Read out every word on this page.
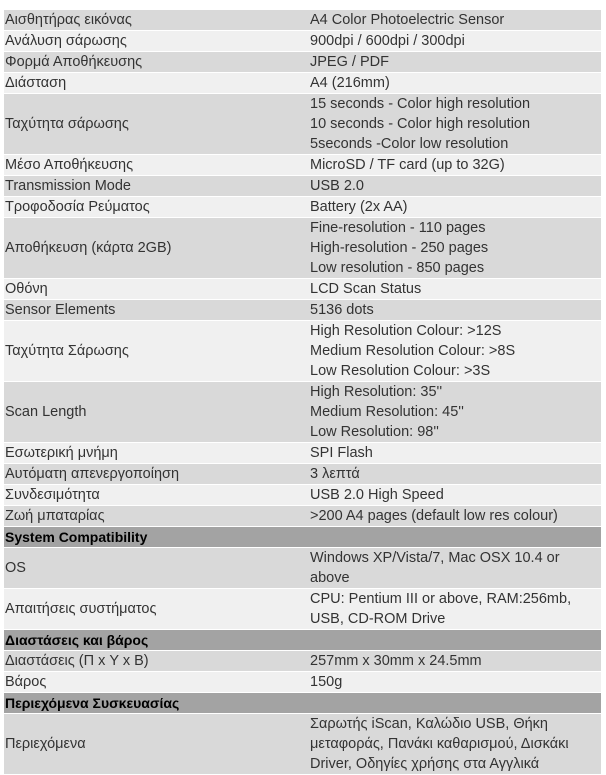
Αισθητήρας εικόνας	A4 Color Photoelectric Sensor

Ανάλυση σάρωσης	900dpi / 600dpi / 300dpi

Φορμά Αποθήκευσης	JPEG / PDF

Διάσταση	A4 (216mm)

Ταχύτητα σάρωσης	15 seconds - Color high resolution
10 seconds - Color high resolution
5seconds -Color low resolution

Μέσο Αποθήκευσης	MicroSD / TF card (up to 32G)

Transmission Mode	USB 2.0

Τροφοδοσία Ρεύματος	Battery (2x AA)

Αποθήκευση (κάρτα 2GB)	Fine-resolution - 110 pages
High-resolution - 250 pages
Low resolution - 850 pages

Οθόνη	LCD Scan Status

Sensor Elements	5136 dots

Ταχύτητα Σάρωσης	High Resolution Colour: >12S
Medium Resolution Colour: >8S
Low Resolution Colour: >3S

Scan Length	High Resolution: 35''
Medium Resolution: 45''
Low Resolution: 98''

Εσωτερική μνήμη	SPI Flash

Αυτόματη απενεργοποίηση	3 λεπτά

Συνδεσιμότητα	USB 2.0 High Speed

Ζωή μπαταρίας	>200 A4 pages (default low res colour)

System Compatibility	
OS	Windows XP/Vista/7, Mac OSX 10.4 or above

Απαιτήσεις συστήματος	CPU: Pentium III or above, RAM:256mb, USB, CD-ROM Drive

Διαστάσεις και βάρος	
Διαστάσεις (Π x Υ x Β)	257mm x 30mm x 24.5mm

Βάρος	150g

Περιεχόμενα Συσκευασίας	
Περιεχόμενα	Σαρωτής iScan, Καλώδιο USB, Θήκη μεταφοράς, Πανάκι καθαρισμού, Δισκάκι Driver, Οδηγίες χρήσης στα Αγγλικά
